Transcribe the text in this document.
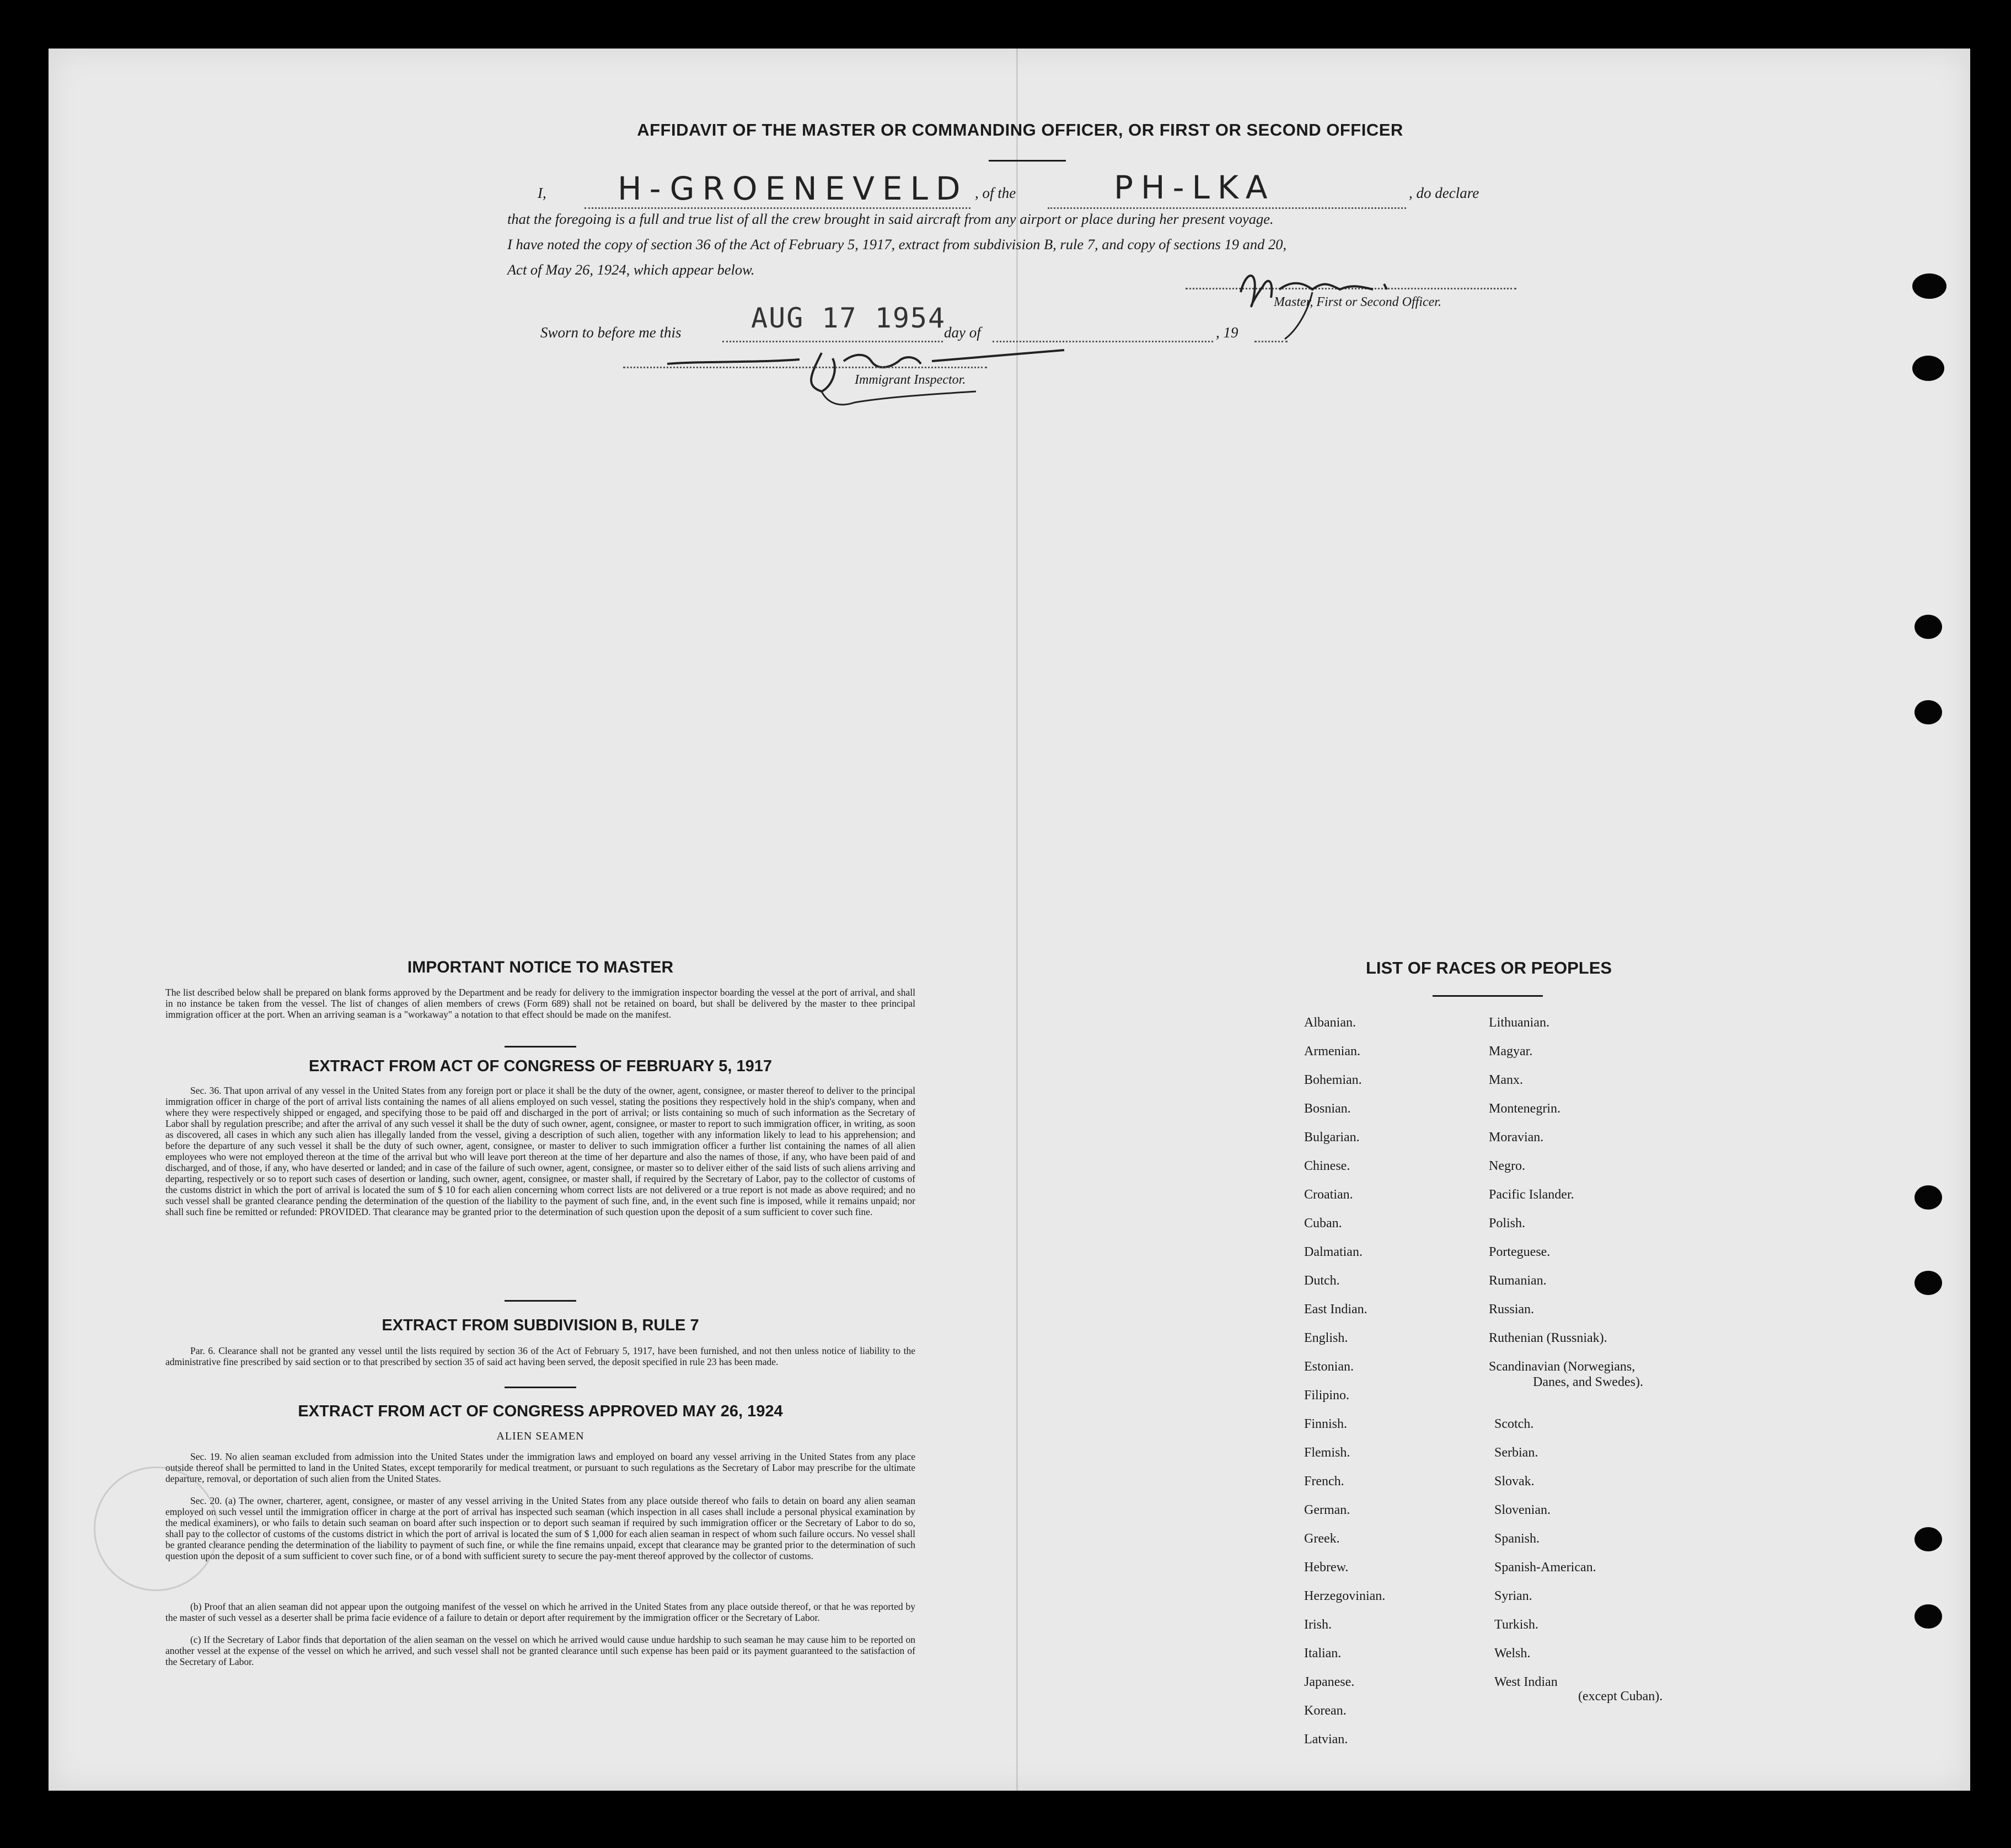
AFFIDAVIT OF THE MASTER OR COMMANDING OFFICER, OR FIRST OR SECOND OFFICER
I, H-GROENEVELD , of the	PH-LKA	, do declare
that the foregoing is a full and true list of all the crew brought in said aircraft from any airport or place during her present voyage.
I have noted the copy of section 36 of the Act of February 5, 1917, extract from subdivision B, rule 7, and copy of sections 19 and 20,
Act of May 26, 1924, which appear below.
Master, First or Second Officer.
Sworn to before me this	AUG 17 1954
day of	, 19
Immigrant Inspector.
IMPORTANT NOTICE TO MASTER
The list described below shall be prepared on blank forms approved by the Department and be ready for delivery to the immigration inspector boarding the vessel at the port of arrival, and shall in no instance be taken from the vessel. The list of changes of alien members of crews (Form 689) shall not be retained on board, but shall be delivered by the master to thee principal immigration officer at the port. When an arriving seaman is a "workaway" a notation to that effect should be made on the manifest.
EXTRACT FROM ACT OF CONGRESS OF FEBRUARY 5, 1917
Sec. 36. That upon arrival of any vessel in the United States from any foreign port or place it shall be the duty of the owner, agent, consignee, or master thereof to deliver to the principal immigration officer in charge of the port of arrival lists containing the names of all aliens employed on such vessel, stating the positions they respectively hold in the ship's company, when and where they were respectively shipped or engaged, and specifying those to be paid off and discharged in the port of arrival; or lists containing so much of such information as the Secretary of Labor shall by regulation prescribe; and after the arrival of any such vessel it shall be the duty of such owner, agent, consignee, or master to report to such immigration officer, in writing, as soon as discovered, all cases in which any such alien has illegally landed from the vessel, giving a description of such alien, together with any information likely to lead to his apprehension; and before the departure of any such vessel it shall be the duty of such owner, agent, consignee, or master to deliver to such immigration officer a further list containing the names of all alien employees who were not employed thereon at the time of the arrival but who will leave port thereon at the time of her departure and also the names of those, if any, who have been paid of and discharged, and of those, if any, who have deserted or landed; and in case of the failure of such owner, agent, consignee, or master so to deliver either of the said lists of such aliens arriving and departing, respectively or so to report such cases of desertion or landing, such owner, agent, consignee, or master shall, if required by the Secretary of Labor, pay to the collector of customs of the customs district in which the port of arrival is located the sum of $ 10 for each alien concerning whom correct lists are not delivered or a true report is not made as above required; and no such vessel shall be granted clearance pending the determination of the question of the liability to the payment of such fine, and, in the event such fine is imposed, while it remains unpaid; nor shall such fine be remitted or refunded: PROVIDED. That clearance may be granted prior to the determination of such question upon the deposit of a sum sufficient to cover such fine.
EXTRACT FROM SUBDIVISION B, RULE 7
Par. 6. Clearance shall not be granted any vessel until the lists required by section 36 of the Act of February 5, 1917, have been furnished, and not then unless notice of liability to the administrative fine prescribed by said section or to that prescribed by section 35 of said act having been served, the deposit specified in rule 23 has been made.
EXTRACT FROM ACT OF CONGRESS APPROVED MAY 26, 1924
ALIEN SEAMEN
Sec. 19. No alien seaman excluded from admission into the United States under the immigration laws and employed on board any vessel arriving in the United States from any place outside thereof shall be permitted to land in the United States, except temporarily for medical treatment, or pursuant to such regulations as the Secretary of Labor may prescribe for the ultimate departure, removal, or deportation of such alien from the United States.
Sec. 20. (a) The owner, charterer, agent, consignee, or master of any vessel arriving in the United States from any place outside thereof who fails to detain on board any alien seaman employed on such vessel until the immigration officer in charge at the port of arrival has inspected such seaman (which inspection in all cases shall include a personal physical examination by the medical examiners), or who fails to detain such seaman on board after such inspection or to deport such seaman if required by such immigration officer or the Secretary of Labor to do so, shall pay to the collector of customs of the customs district in which the port of arrival is located the sum of $ 1,000 for each alien seaman in respect of whom such failure occurs. No vessel shall be granted clearance pending the determination of the liability to payment of such fine, or while the fine remains unpaid, except that clearance may be granted prior to the determination of such question upon the deposit of a sum sufficient to cover such fine, or of a bond with sufficient surety to secure the pay-ment thereof approved by the collector of customs.
(b) Proof that an alien seaman did not appear upon the outgoing manifest of the vessel on which he arrived in the United States from any place outside thereof, or that he was reported by the master of such vessel as a deserter shall be prima facie evidence of a failure to detain or deport after requirement by the immigration officer or the Secretary of Labor.
(c) If the Secretary of Labor finds that deportation of the alien seaman on the vessel on which he arrived would cause undue hardship to such seaman he may cause him to be reported on another vessel at the expense of the vessel on which he arrived, and such vessel shall not be granted clearance until such expense has been paid or its payment guaranteed to the satisfaction of the Secretary of Labor.
LIST OF RACES OR PEOPLES
Albanian.
Armenian.
Bohemian.
Bosnian.
Bulgarian.
Chinese.
Croatian.
Cuban.
Dalmatian.
Dutch.
East Indian.
English.
Estonian.
Filipino.
Finnish.
Flemish.
French.
German.
Greek.
Hebrew.
Herzegovinian.
Irish.
Italian.
Japanese.
Korean.
Latvian.
Lithuanian.
Magyar.
Manx.
Montenegrin.
Moravian.
Negro.
Pacific Islander.
Polish.
Porteguese.
Rumanian.
Russian.
Ruthenian (Russniak).
Scandinavian (Norwegians,
Danes, and Swedes).
Scotch.
Serbian.
Slovak.
Slovenian.
Spanish.
Spanish-American.
Syrian.
Turkish.
Welsh.
West Indian
(except Cuban).
